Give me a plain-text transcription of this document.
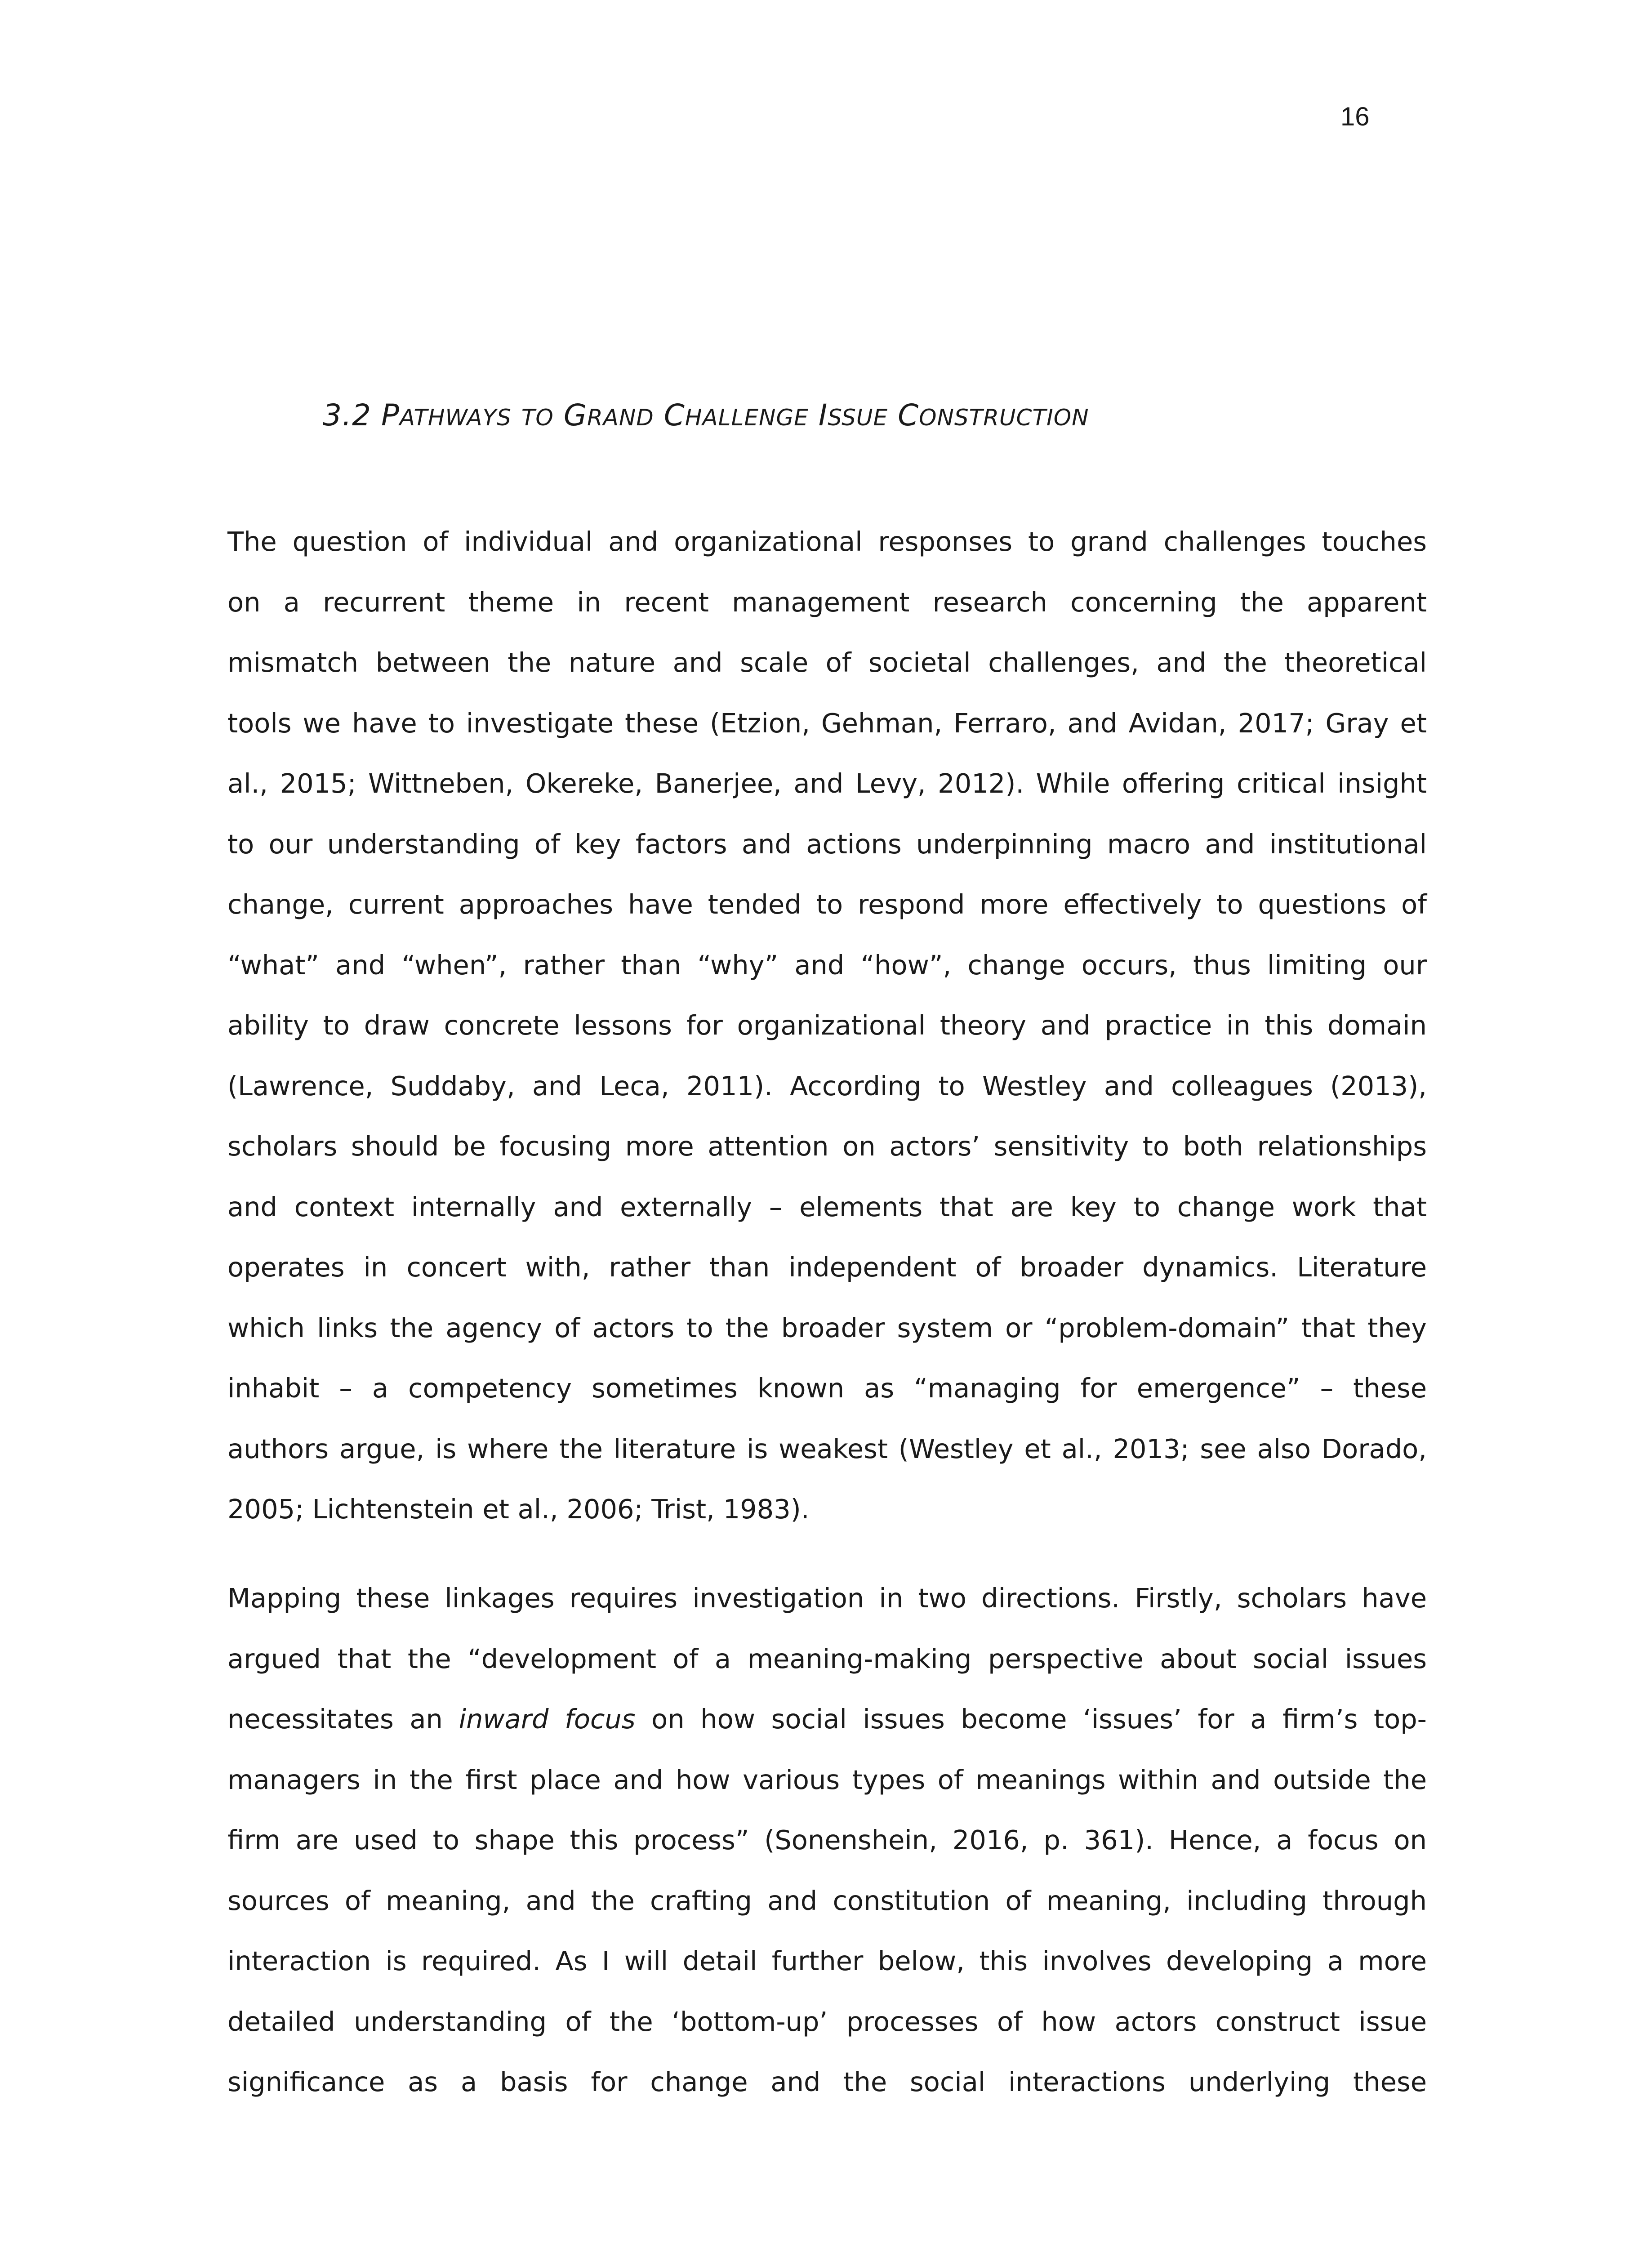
16
3.2 PATHWAYS TO GRAND CHALLENGE ISSUE CONSTRUCTION
The question of individual and organizational responses to grand challenges touches
on a recurrent theme in recent management research concerning the apparent
mismatch between the nature and scale of societal challenges, and the theoretical
tools we have to investigate these (Etzion, Gehman, Ferraro, and Avidan, 2017; Gray et
al., 2015; Wittneben, Okereke, Banerjee, and Levy, 2012). While offering critical insight
to our understanding of key factors and actions underpinning macro and institutional
change, current approaches have tended to respond more effectively to questions of
“what” and “when”, rather than “why” and “how”, change occurs, thus limiting our
ability to draw concrete lessons for organizational theory and practice in this domain
(Lawrence, Suddaby, and Leca, 2011). According to Westley and colleagues (2013),
scholars should be focusing more attention on actors’ sensitivity to both relationships
and context internally and externally – elements that are key to change work that
operates in concert with, rather than independent of broader dynamics. Literature
which links the agency of actors to the broader system or “problem-domain” that they
inhabit – a competency sometimes known as “managing for emergence” – these
authors argue, is where the literature is weakest (Westley et al., 2013; see also Dorado,
2005; Lichtenstein et al., 2006; Trist, 1983).
Mapping these linkages requires investigation in two directions. Firstly, scholars have
argued that the “development of a meaning-making perspective about social issues
necessitates an inward focus on how social issues become ‘issues’ for a firm’s top-
managers in the first place and how various types of meanings within and outside the
firm are used to shape this process” (Sonenshein, 2016, p. 361). Hence, a focus on
sources of meaning, and the crafting and constitution of meaning, including through
interaction is required. As I will detail further below, this involves developing a more
detailed understanding of the ‘bottom-up’ processes of how actors construct issue
significance as a basis for change and the social interactions underlying these
